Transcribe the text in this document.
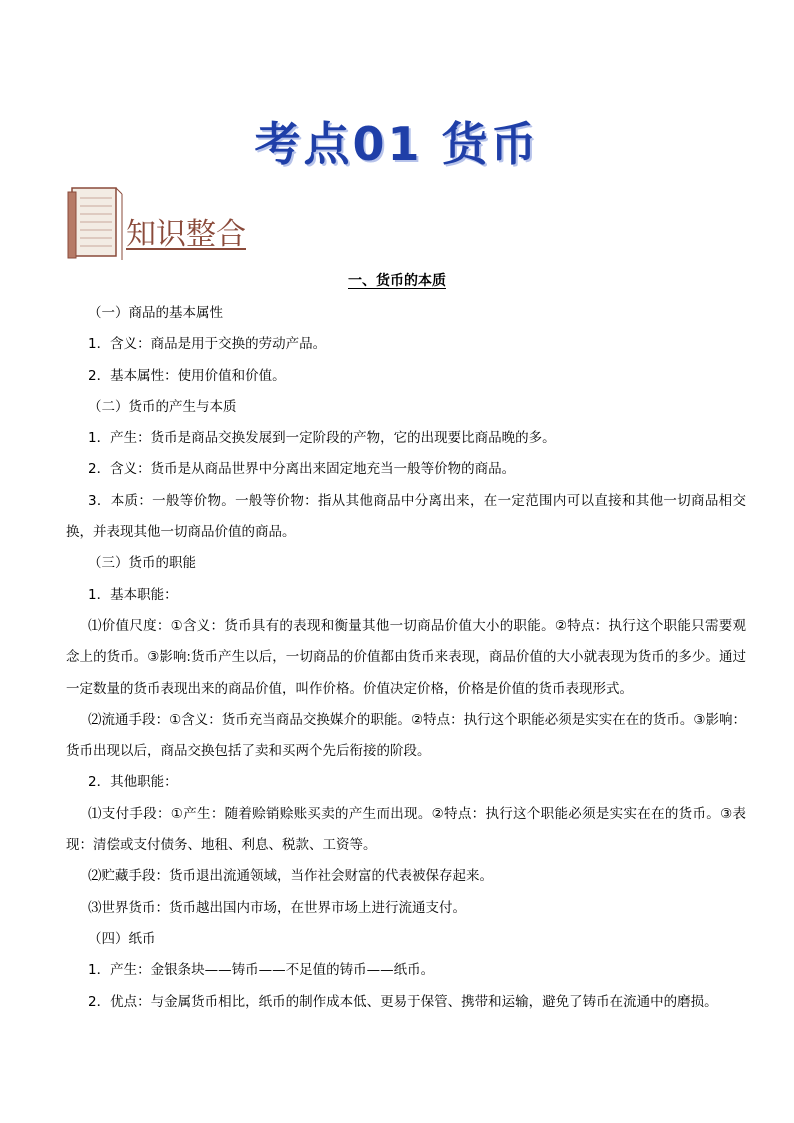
考点01 货币
知识整合
一、货币的本质

（一）商品的基本属性

1．含义：商品是用于交换的劳动产品。

2．基本属性：使用价值和价值。

（二）货币的产生与本质

1．产生：货币是商品交换发展到一定阶段的产物，它的出现要比商品晚的多。

2．含义：货币是从商品世界中分离出来固定地充当一般等价物的商品。

3．本质：一般等价物。一般等价物：指从其他商品中分离出来，在一定范围内可以直接和其他一切商品相交换，并表现其他一切商品价值的商品。

（三）货币的职能

1．基本职能：

⑴价值尺度：①含义：货币具有的表现和衡量其他一切商品价值大小的职能。②特点：执行这个职能只需要观念上的货币。③影响:货币产生以后，一切商品的价值都由货币来表现，商品价值的大小就表现为货币的多少。通过一定数量的货币表现出来的商品价值，叫作价格。价值决定价格，价格是价值的货币表现形式。

⑵流通手段：①含义：货币充当商品交换媒介的职能。②特点：执行这个职能必须是实实在在的货币。③影响：货币出现以后，商品交换包括了卖和买两个先后衔接的阶段。

2．其他职能：

⑴支付手段：①产生：随着赊销赊账买卖的产生而出现。②特点：执行这个职能必须是实实在在的货币。③表现：清偿或支付债务、地租、利息、税款、工资等。

⑵贮藏手段：货币退出流通领域，当作社会财富的代表被保存起来。

⑶世界货币：货币越出国内市场，在世界市场上进行流通支付。

（四）纸币

1．产生：金银条块——铸币——不足值的铸币——纸币。

2．优点：与金属货币相比，纸币的制作成本低、更易于保管、携带和运输，避免了铸币在流通中的磨损。
